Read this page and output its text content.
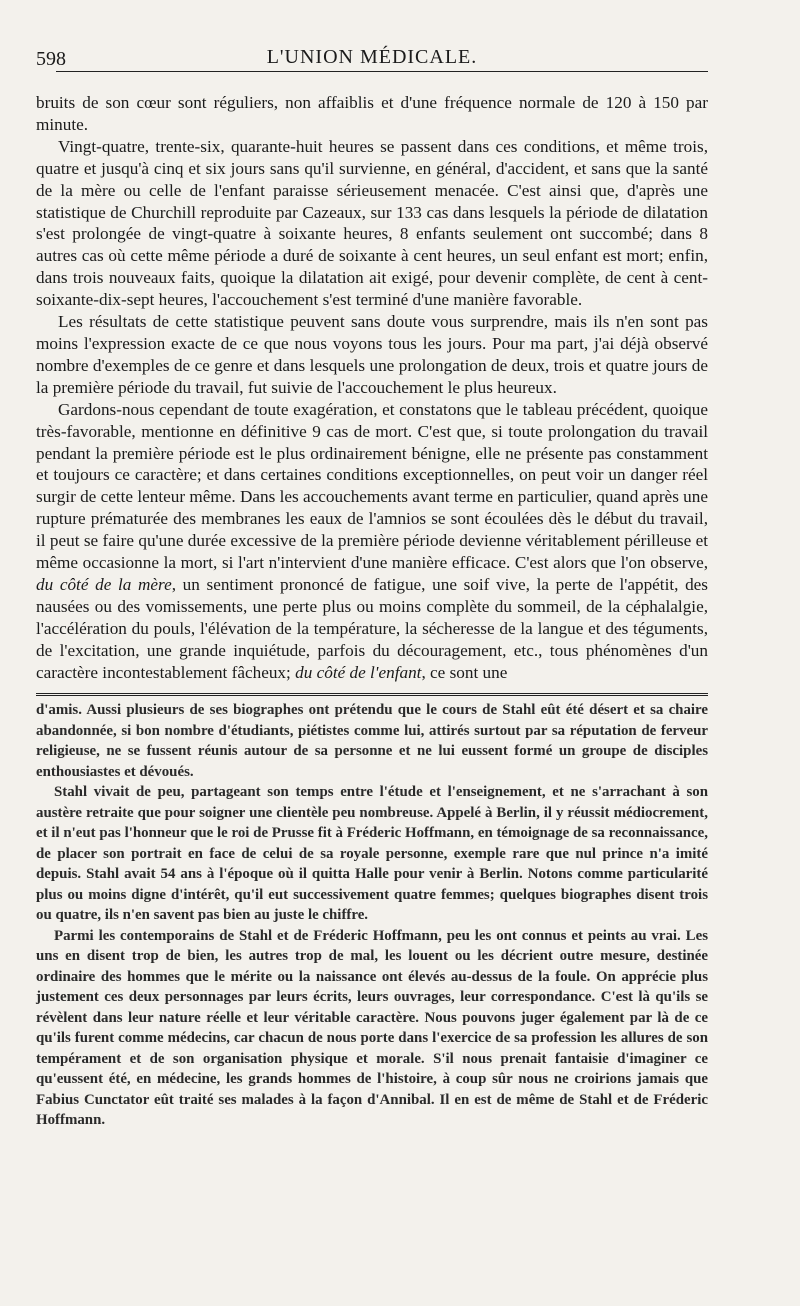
598	L'UNION MÉDICALE.

bruits de son cœur sont réguliers, non affaiblis et d'une fréquence normale de 120 à 150 par minute.

Vingt-quatre, trente-six, quarante-huit heures se passent dans ces conditions, et même trois, quatre et jusqu'à cinq et six jours sans qu'il survienne, en général, d'accident, et sans que la santé de la mère ou celle de l'enfant paraisse sérieusement menacée. C'est ainsi que, d'après une statistique de Churchill reproduite par Cazeaux, sur 133 cas dans lesquels la période de dilatation s'est prolongée de vingt-quatre à soixante heures, 8 enfants seulement ont succombé; dans 8 autres cas où cette même période a duré de soixante à cent heures, un seul enfant est mort; enfin, dans trois nouveaux faits, quoique la dilatation ait exigé, pour devenir complète, de cent à cent-soixante-dix-sept heures, l'accouchement s'est terminé d'une manière favorable.

Les résultats de cette statistique peuvent sans doute vous surprendre, mais ils n'en sont pas moins l'expression exacte de ce que nous voyons tous les jours. Pour ma part, j'ai déjà observé nombre d'exemples de ce genre et dans lesquels une prolongation de deux, trois et quatre jours de la première période du travail, fut suivie de l'accouchement le plus heureux.

Gardons-nous cependant de toute exagération, et constatons que le tableau précédent, quoique très-favorable, mentionne en définitive 9 cas de mort. C'est que, si toute prolongation du travail pendant la première période est le plus ordinairement bénigne, elle ne présente pas constamment et toujours ce caractère; et dans certaines conditions exceptionnelles, on peut voir un danger réel surgir de cette lenteur même. Dans les accouchements avant terme en particulier, quand après une rupture prématurée des membranes les eaux de l'amnios se sont écoulées dès le début du travail, il peut se faire qu'une durée excessive de la première période devienne véritablement périlleuse et même occasionne la mort, si l'art n'intervient d'une manière efficace. C'est alors que l'on observe, du côté de la mère, un sentiment prononcé de fatigue, une soif vive, la perte de l'appétit, des nausées ou des vomissements, une perte plus ou moins complète du sommeil, de la céphalalgie, l'accélération du pouls, l'élévation de la température, la sécheresse de la langue et des téguments, de l'excitation, une grande inquiétude, parfois du découragement, etc., tous phénomènes d'un caractère incontestablement fâcheux; du côté de l'enfant, ce sont une

d'amis. Aussi plusieurs de ses biographes ont prétendu que le cours de Stahl eût été désert et sa chaire abandonnée, si bon nombre d'étudiants, piétistes comme lui, attirés surtout par sa réputation de ferveur religieuse, ne se fussent réunis autour de sa personne et ne lui eussent formé un groupe de disciples enthousiastes et dévoués.

Stahl vivait de peu, partageant son temps entre l'étude et l'enseignement, et ne s'arrachant à son austère retraite que pour soigner une clientèle peu nombreuse. Appelé à Berlin, il y réussit médiocrement, et il n'eut pas l'honneur que le roi de Prusse fit à Fréderic Hoffmann, en témoignage de sa reconnaissance, de placer son portrait en face de celui de sa royale personne, exemple rare que nul prince n'a imité depuis. Stahl avait 54 ans à l'époque où il quitta Halle pour venir à Berlin. Notons comme particularité plus ou moins digne d'intérêt, qu'il eut successivement quatre femmes; quelques biographes disent trois ou quatre, ils n'en savent pas bien au juste le chiffre.

Parmi les contemporains de Stahl et de Fréderic Hoffmann, peu les ont connus et peints au vrai. Les uns en disent trop de bien, les autres trop de mal, les louent ou les décrient outre mesure, destinée ordinaire des hommes que le mérite ou la naissance ont élevés au-dessus de la foule. On apprécie plus justement ces deux personnages par leurs écrits, leurs ouvrages, leur correspondance. C'est là qu'ils se révèlent dans leur nature réelle et leur véritable caractère. Nous pouvons juger également par là de ce qu'ils furent comme médecins, car chacun de nous porte dans l'exercice de sa profession les allures de son tempérament et de son organisation physique et morale. S'il nous prenait fantaisie d'imaginer ce qu'eussent été, en médecine, les grands hommes de l'histoire, à coup sûr nous ne croirions jamais que Fabius Cunctator eût traité ses malades à la façon d'Annibal. Il en est de même de Stahl et de Fréderic Hoffmann.
